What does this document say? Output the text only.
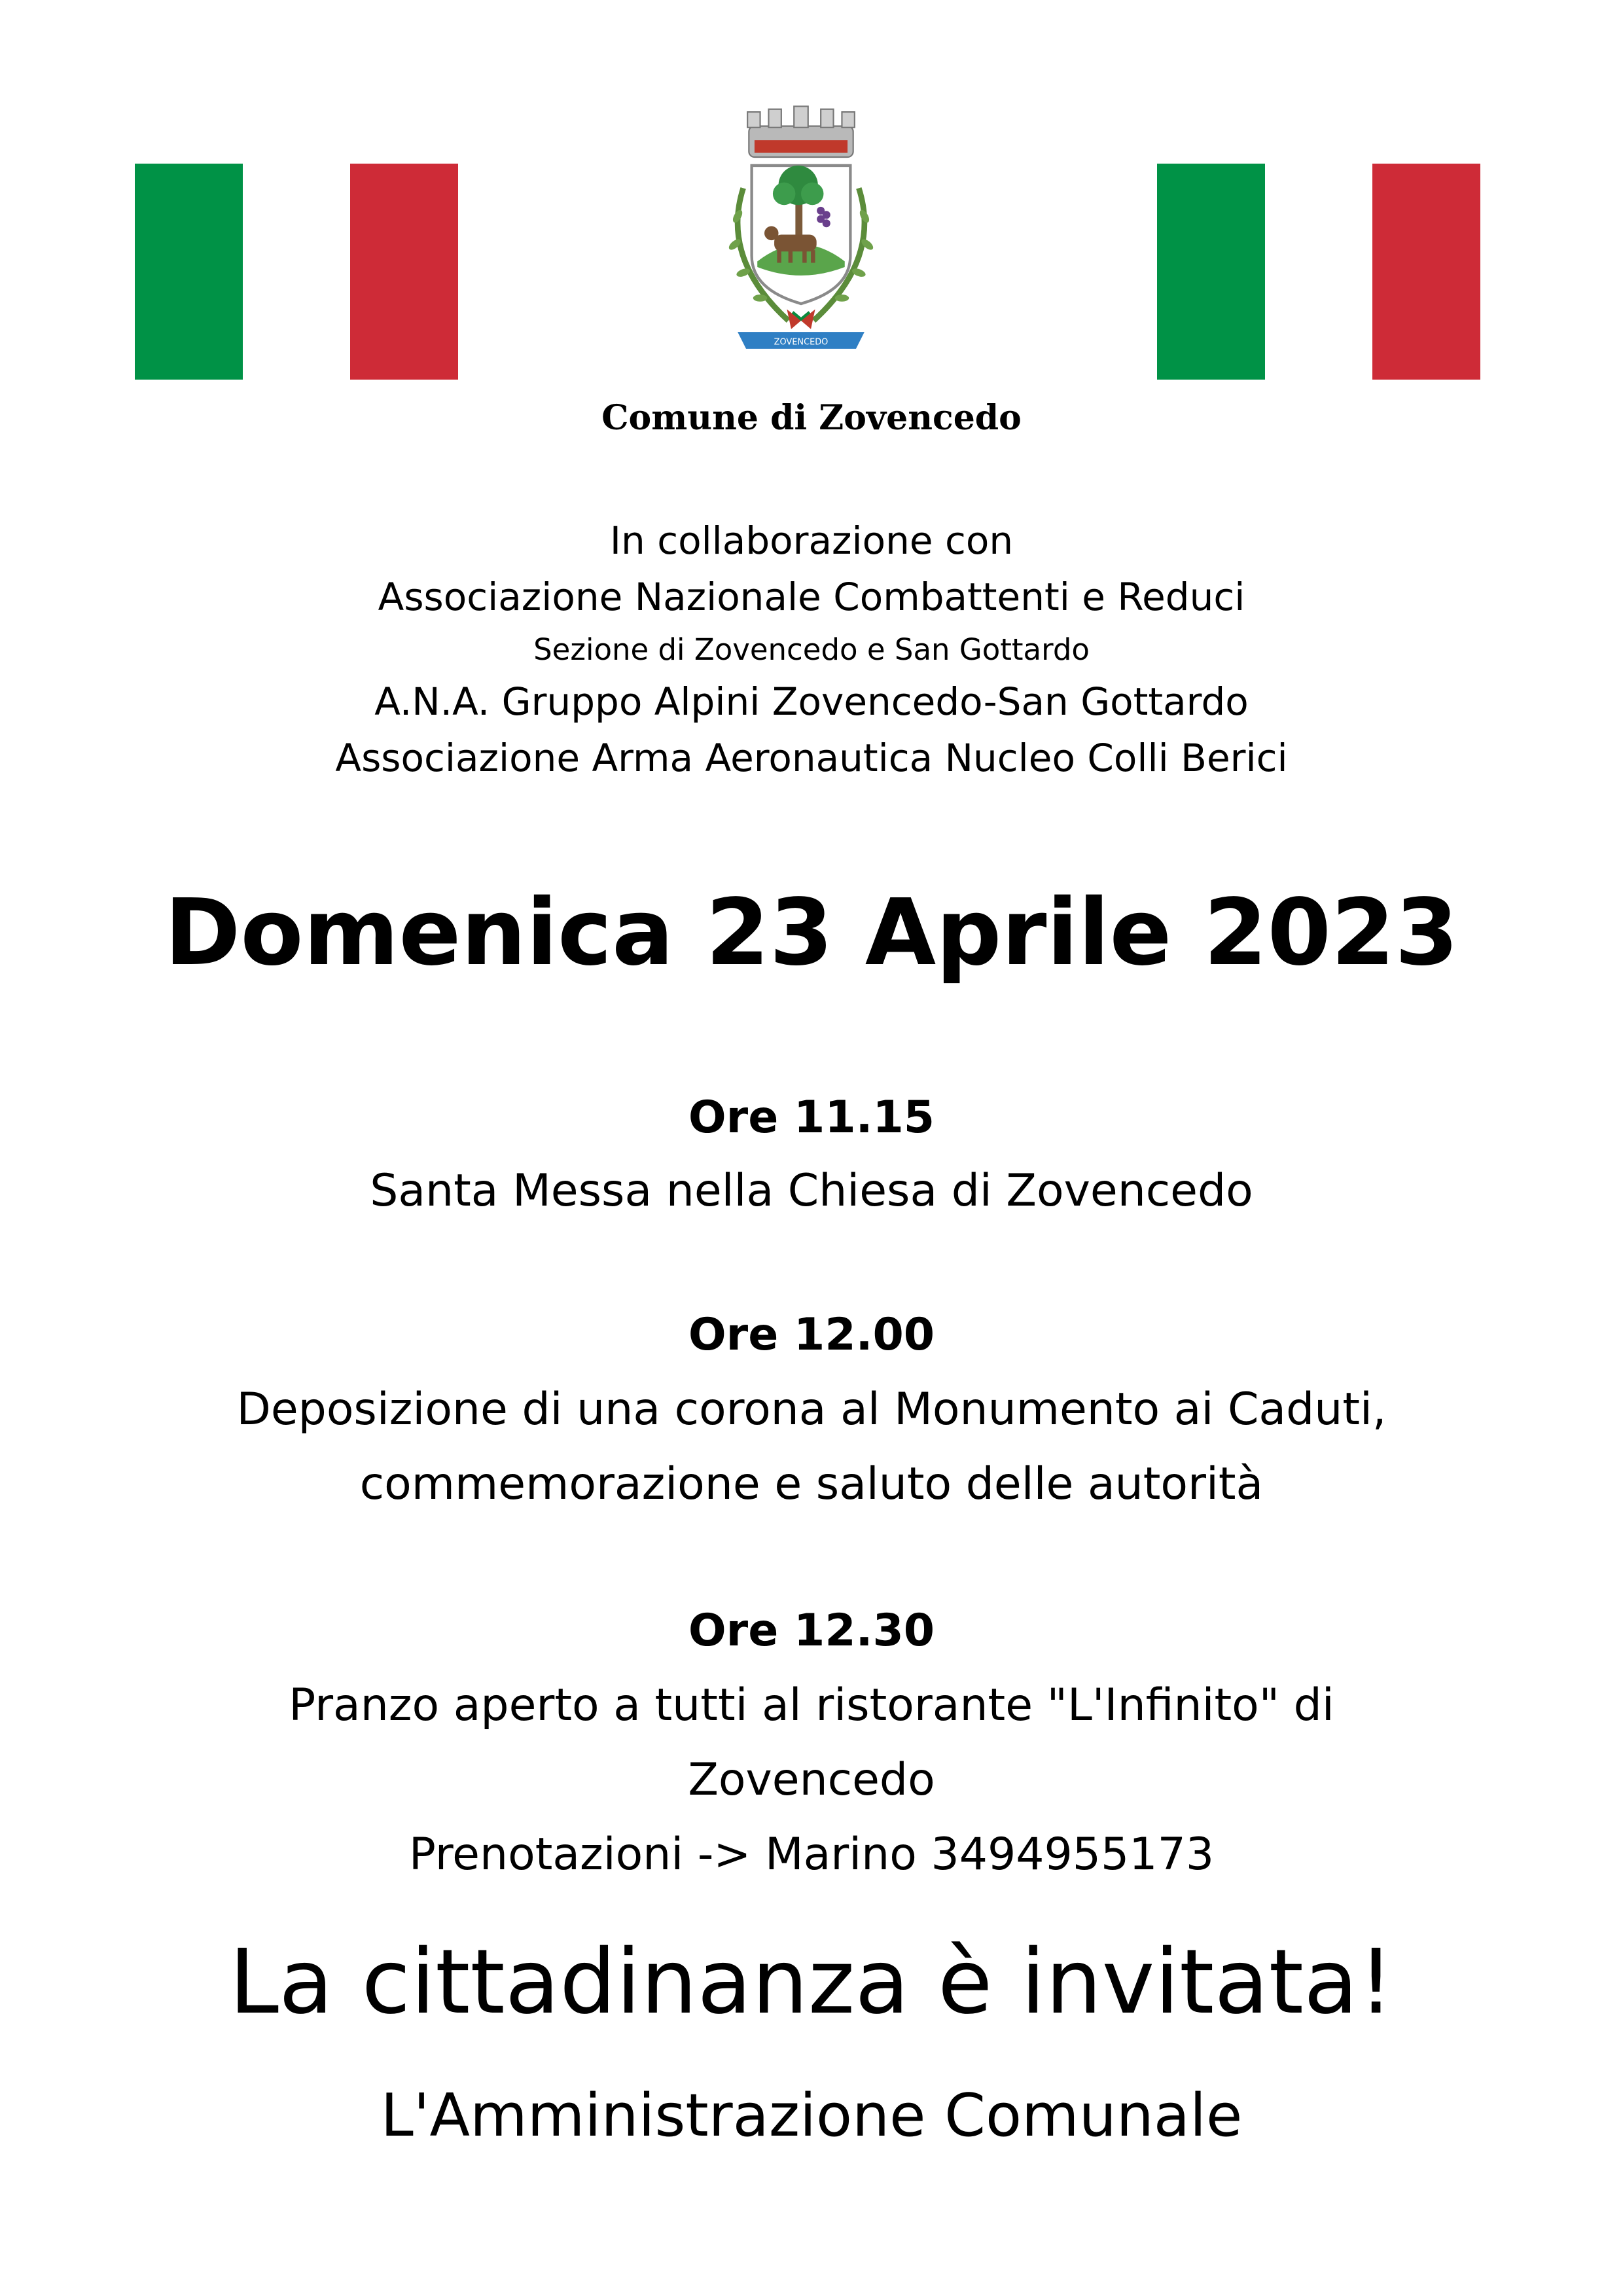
ZOVENCEDO
Comune di Zovencedo
In collaborazione con
Associazione Nazionale Combattenti e Reduci
Sezione di Zovencedo e San Gottardo
A.N.A. Gruppo Alpini Zovencedo-San Gottardo
Associazione Arma Aeronautica Nucleo Colli Berici
Domenica 23 Aprile 2023
Ore 11.15
Santa Messa nella Chiesa di Zovencedo
Ore 12.00
Deposizione di una corona al Monumento ai Caduti,
commemorazione e saluto delle autorità
Ore 12.30
Pranzo aperto a tutti al ristorante "L'Infinito" di
Zovencedo
Prenotazioni -> Marino 3494955173
La cittadinanza è invitata!
L'Amministrazione Comunale
